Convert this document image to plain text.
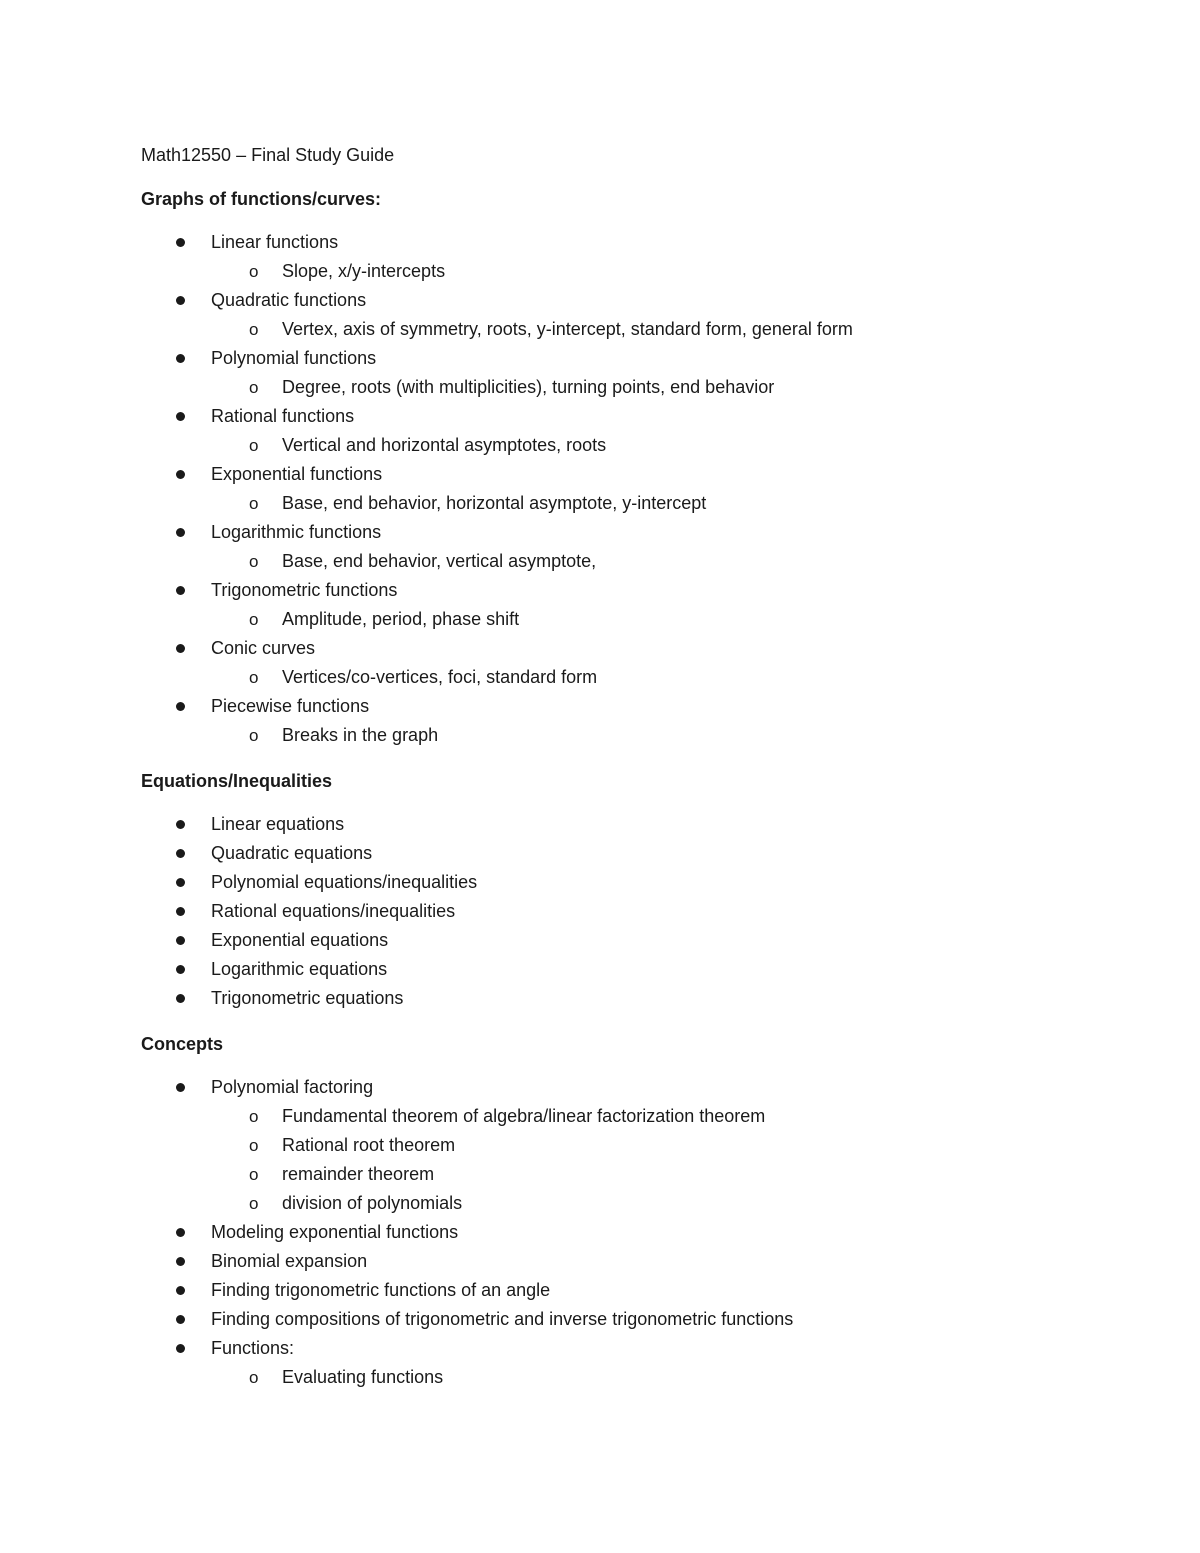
Math12550 – Final Study Guide
Graphs of functions/curves:
Linear functions
o Slope, x/y-intercepts
Quadratic functions
o Vertex, axis of symmetry, roots, y-intercept, standard form, general form
Polynomial functions
o Degree, roots (with multiplicities), turning points, end behavior
Rational functions
o Vertical and horizontal asymptotes, roots
Exponential functions
o Base, end behavior, horizontal asymptote, y-intercept
Logarithmic functions
o Base, end behavior, vertical asymptote,
Trigonometric functions
o Amplitude, period, phase shift
Conic curves
o Vertices/co-vertices, foci, standard form
Piecewise functions
o Breaks in the graph
Equations/Inequalities
Linear equations
Quadratic equations
Polynomial equations/inequalities
Rational equations/inequalities
Exponential equations
Logarithmic equations
Trigonometric equations
Concepts
Polynomial factoring
o Fundamental theorem of algebra/linear factorization theorem
o Rational root theorem
o remainder theorem
o division of polynomials
Modeling exponential functions
Binomial expansion
Finding trigonometric functions of an angle
Finding compositions of trigonometric and inverse trigonometric functions
Functions:
o Evaluating functions
